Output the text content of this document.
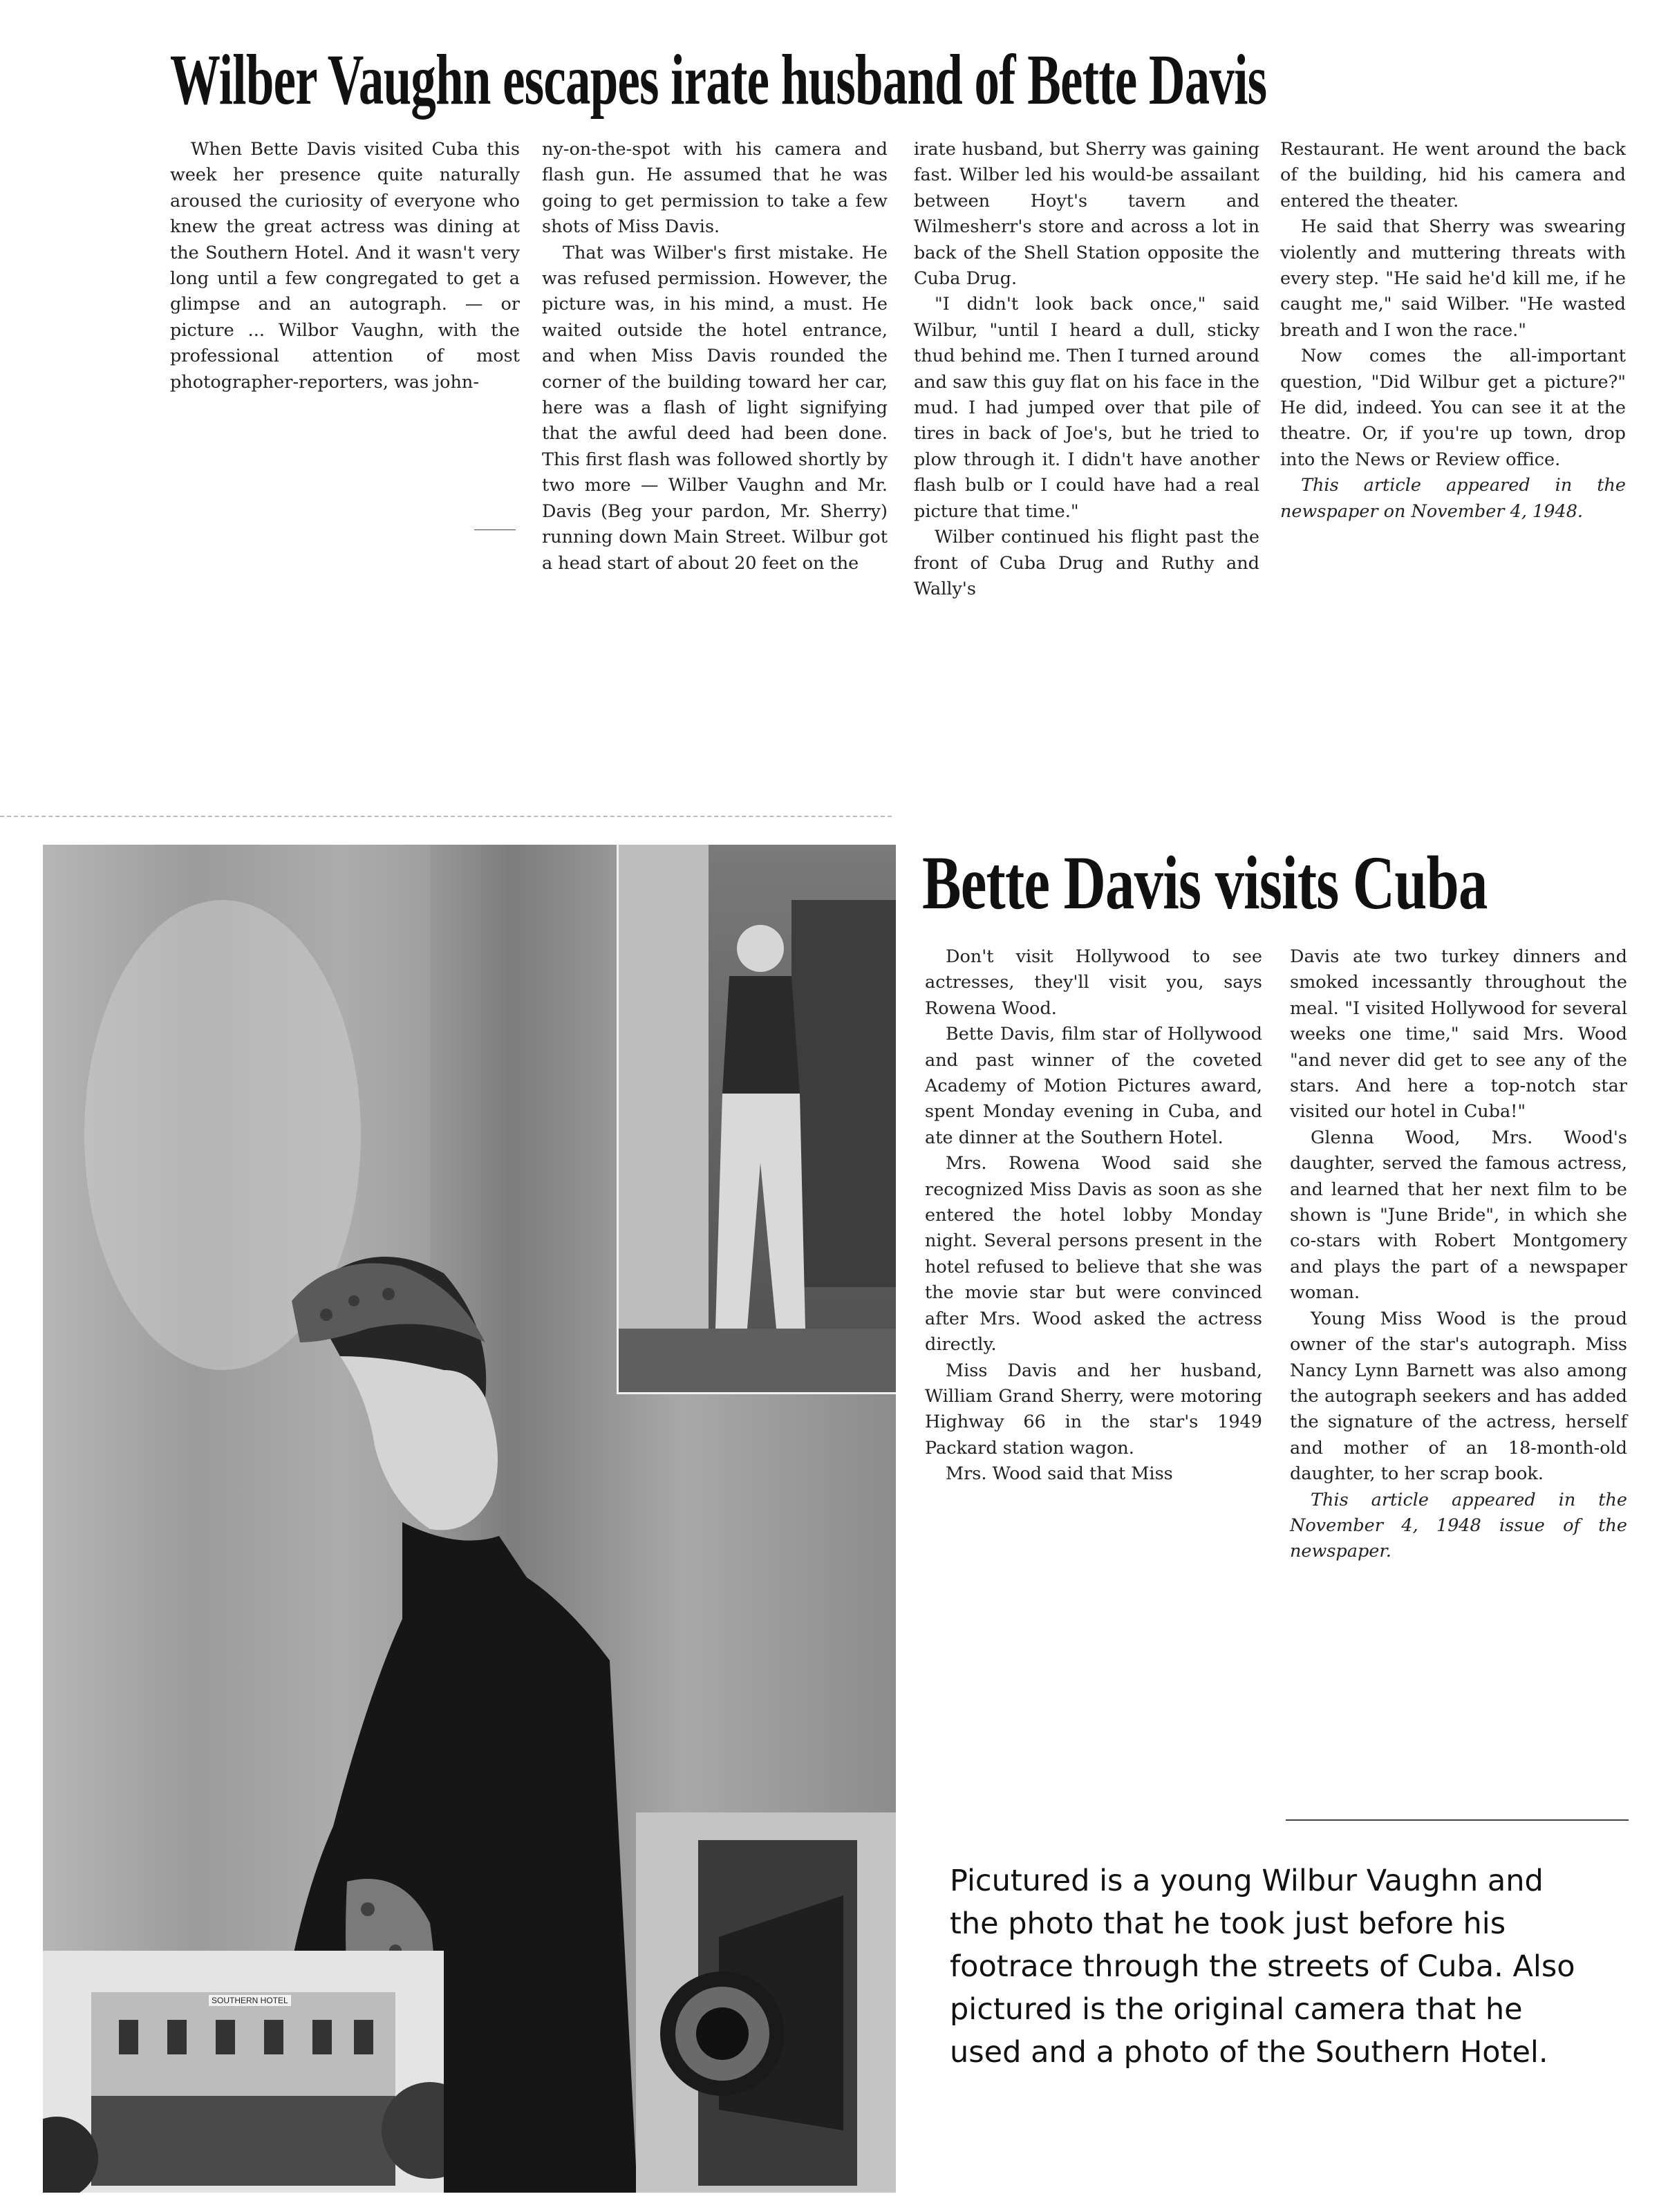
Wilber Vaughn escapes irate husband of Bette Davis

When Bette Davis visited Cuba this week her presence quite naturally aroused the curiosity of everyone who knew the great actress was dining at the Southern Hotel. And it wasn't very long until a few congregated to get a glimpse and an autograph. — or picture ... Wilbor Vaughn, with the professional attention of most photographer-reporters, was john-

ny-on-the-spot with his camera and flash gun. He assumed that he was going to get permission to take a few shots of Miss Davis.

That was Wilber's first mistake. He was refused permission. However, the picture was, in his mind, a must. He waited outside the hotel entrance, and when Miss Davis rounded the corner of the building toward her car, here was a flash of light signifying that the awful deed had been done. This first flash was followed shortly by two more — Wilber Vaughn and Mr. Davis (Beg your pardon, Mr. Sherry) running down Main Street. Wilbur got a head start of about 20 feet on the

irate husband, but Sherry was gaining fast. Wilber led his would-be assailant between Hoyt's tavern and Wilmesherr's store and across a lot in back of the Shell Station opposite the Cuba Drug.

"I didn't look back once," said Wilbur, "until I heard a dull, sticky thud behind me. Then I turned around and saw this guy flat on his face in the mud. I had jumped over that pile of tires in back of Joe's, but he tried to plow through it. I didn't have another flash bulb or I could have had a real picture that time."

Wilber continued his flight past the front of Cuba Drug and Ruthy and Wally's

Restaurant. He went around the back of the building, hid his camera and entered the theater.

He said that Sherry was swearing violently and muttering threats with every step. "He said he'd kill me, if he caught me," said Wilber. "He wasted breath and I won the race."

Now comes the all-important question, "Did Wilbur get a picture?" He did, indeed. You can see it at the theatre. Or, if you're up town, drop into the News or Review office.

This article appeared in the newspaper on November 4, 1948.

Bette Davis visits Cuba

Don't visit Hollywood to see actresses, they'll visit you, says Rowena Wood.

Bette Davis, film star of Hollywood and past winner of the coveted Academy of Motion Pictures award, spent Monday evening in Cuba, and ate dinner at the Southern Hotel.

Mrs. Rowena Wood said she recognized Miss Davis as soon as she entered the hotel lobby Monday night. Several persons present in the hotel refused to believe that she was the movie star but were convinced after Mrs. Wood asked the actress directly.

Miss Davis and her husband, William Grand Sherry, were motoring Highway 66 in the star's 1949 Packard station wagon.

Mrs. Wood said that Miss

Davis ate two turkey dinners and smoked incessantly throughout the meal. "I visited Hollywood for several weeks one time," said Mrs. Wood "and never did get to see any of the stars. And here a top-notch star visited our hotel in Cuba!"

Glenna Wood, Mrs. Wood's daughter, served the famous actress, and learned that her next film to be shown is "June Bride", in which she co-stars with Robert Montgomery and plays the part of a newspaper woman.

Young Miss Wood is the proud owner of the star's autograph. Miss Nancy Lynn Barnett was also among the autograph seekers and has added the signature of the actress, herself and mother of an 18-month-old daughter, to her scrap book.

This article appeared in the November 4, 1948 issue of the newspaper.

SOUTHERN HOTEL

Picutured is a young Wilbur Vaughn and the photo that he took just before his footrace through the streets of Cuba. Also pictured is the original camera that he used and a photo of the Southern Hotel.
